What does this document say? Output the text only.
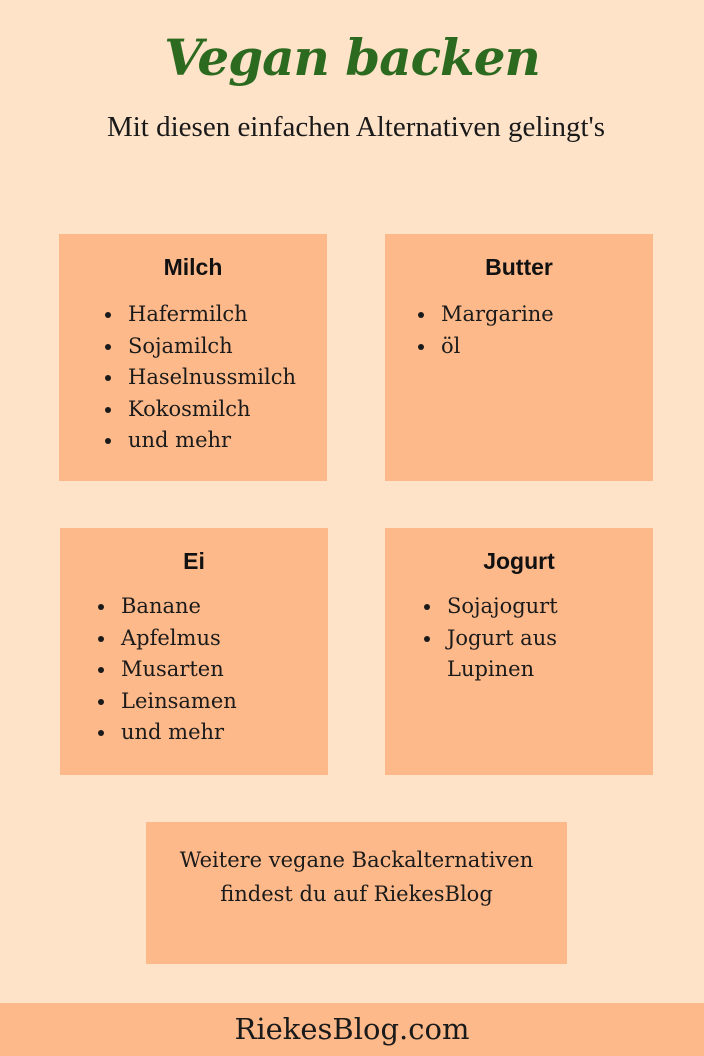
Vegan backen
Mit diesen einfachen Alternativen gelingt's
Milch
• Hafermilch
• Sojamilch
• Haselnussmilch
• Kokosmilch
• und mehr
Butter
• Margarine
• öl
Ei
• Banane
• Apfelmus
• Musarten
• Leinsamen
• und mehr
Jogurt
• Sojajogurt
• Jogurt aus Lupinen

Weitere vegane Backalternativen findest du auf RiekesBlog

RiekesBlog.com
